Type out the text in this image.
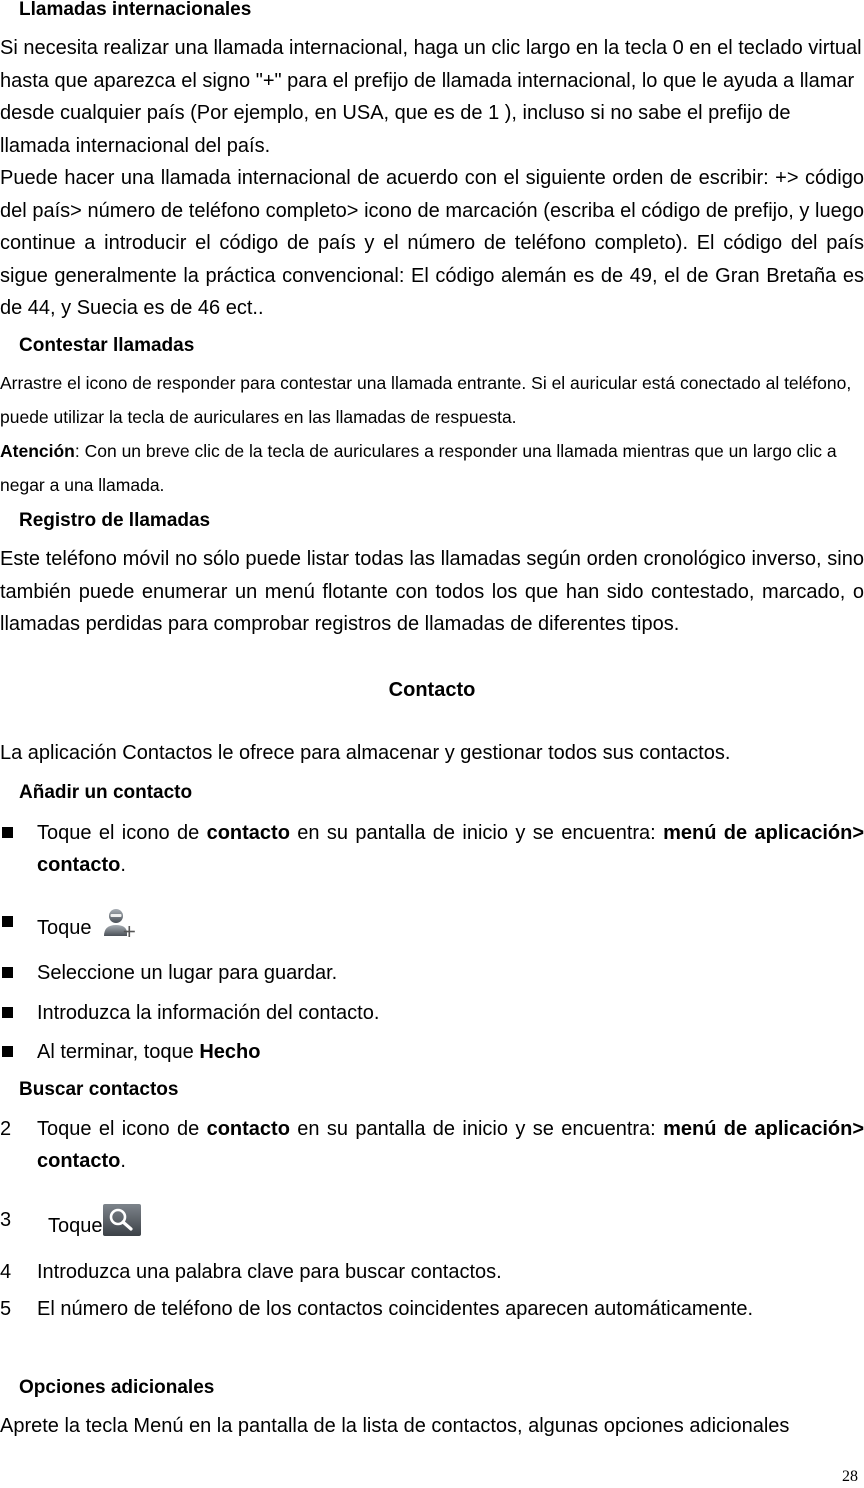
Llamadas internacionales

Si necesita realizar una llamada internacional, haga un clic largo en la tecla 0 en el teclado virtual hasta que aparezca el signo "+" para el prefijo de llamada internacional, lo que le ayuda a llamar desde cualquier país (Por ejemplo, en USA, que es de 1 ), incluso si no sabe el prefijo de llamada internacional del país.

Puede hacer una llamada internacional de acuerdo con el siguiente orden de escribir: +> código del país> número de teléfono completo> icono de marcación (escriba el código de prefijo, y luego continue a introducir el código de país y el número de teléfono completo). El código del país sigue generalmente la práctica convencional: El código alemán es de 49, el de Gran Bretaña es de 44, y Suecia es de 46 ect..

Contestar llamadas

Arrastre el icono de responder para contestar una llamada entrante. Si el auricular está conectado al teléfono, puede utilizar la tecla de auriculares en las llamadas de respuesta.

Atención: Con un breve clic de la tecla de auriculares a responder una llamada mientras que un largo clic a negar a una llamada.

Registro de llamadas

Este teléfono móvil no sólo puede listar todas las llamadas según orden cronológico inverso, sino también puede enumerar un menú flotante con todos los que han sido contestado, marcado, o llamadas perdidas para comprobar registros de llamadas de diferentes tipos.

Contacto

La aplicación Contactos le ofrece para almacenar y gestionar todos sus contactos.

Añadir un contacto
Toque el icono de contacto en su pantalla de inicio y se encuentra: menú de aplicación> contacto.
Toque
Seleccione un lugar para guardar.
Introduzca la información del contacto.
Al terminar, toque Hecho
Buscar contactos
2 Toque el icono de contacto en su pantalla de inicio y se encuentra: menú de aplicación> contacto.
3 Toque
4 Introduzca una palabra clave para buscar contactos.
5 El número de teléfono de los contactos coincidentes aparecen automáticamente.
Opciones adicionales

Aprete la tecla Menú en la pantalla de la lista de contactos, algunas opciones adicionales

28
